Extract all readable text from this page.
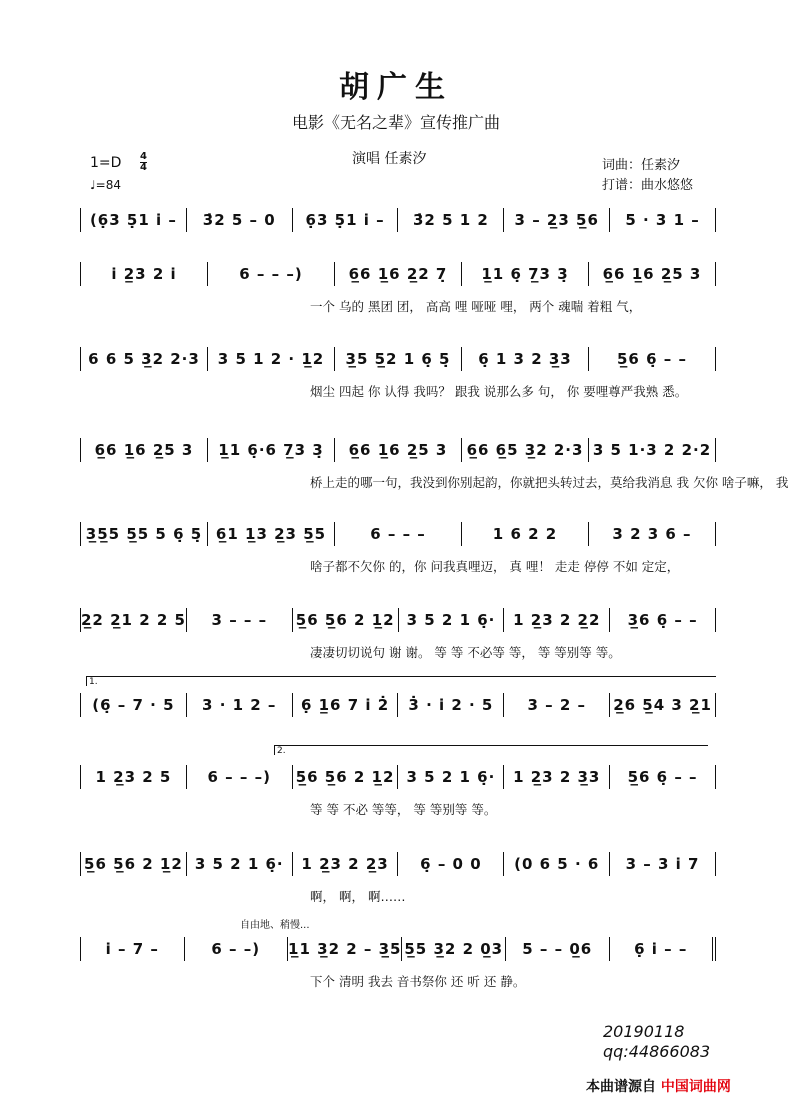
胡广生
电影《无名之辈》宣传推广曲
演唱 任素汐
$1=D \frac{4}{4}$
♩=84
词曲：任素汐
打谱：曲水悠悠
(6̣3 5̣1 i –	3̇2 5 – 0	6̣3 5̣1 i –	3̇2 5 1 2	3 – 2̲3 5̲6	5 · 3 1 –
i 2̲3 2 i	6 – – –)	6̲6 1̲6 2̲2 7̣	1̲1 6̣ 7̲3 3̣	6̲6 1̲6 2̲5 3
一个 乌的 黑团 团， 高高 哩 哑哑 哩， 两个 魂喘 着粗 气，
6 6 5 3̲2 2·3	3 5 1 2 · 1̲2	3̲5 5̲2 1 6̣ 5̣	6̣ 1 3 2 3̲3	5̲6 6̣ – –
烟尘 四起 你 认得 我吗？ 跟我 说那么多 句， 你 要哩尊严我熟 悉。
6̲6 1̲6 2̲5 3	1̲1 6̣·6 7̲3 3̣	6̲6 1̲6 2̲5 3	6̲6 6̲5 3̲2 2·3 3 5 1·3 2 2·2
桥上走的哪一句，我没到你别起韵，你就把头转过去，莫给我消息 我 欠你 啥子嘛， 我
3̲5̲5 5̲5 5 6̣ 5̣ 6̲1 1̲3 2̲3 5̲5	6 – – –	1 6 2 2	3 2 3 6 –
啥子都不欠你 的，你 问我真哩迈， 真 哩！ 走走 停停 不如 定定，
2̲2 2̲1 2 2 5	3 – – –	5̲6 5̲6 2 1̲2 3 5 2 1 6̣·	1 2̲3 2 2̲2	3̲6 6̣ – –
凄凄切切说句 谢 谢。 等 等 不必等 等， 等 等别等 等。
(6̣ – 7 · 5	3 · 1 2 –	6̣ 1̲6 7 i 2̇	3̇ · i 2 · 5	3 – 2 –	2̲6 5̲4 3 2̲1
1 2̲3 2 5	6 – – –)	5̲6 5̲6 2 1̲2 3 5 2 1 6̣·	1 2̲3 2 3̲3	5̲6 6̣ – –
等 等 不必 等等， 等 等别等 等。
5̲6 5̲6 2 1̲2 3 5 2 1 6̣·	1 2̲3 2 2̲3	6̣ – 0 0	(0 6 5 · 6	3 – 3 i 7
啊， 啊， 啊……
i – 7 –	6 – –)	1̲1 3̲2 2 – 3̲5 5̲5 3̲2 2 0̲3	5 – – 0̲6	6̣ i – –
下个 清明 我去 音书祭你 还 听 还 静。
1.
2.
自由地、稍慢...
20190118
qq:44866083
本曲谱源自 中国词曲网
